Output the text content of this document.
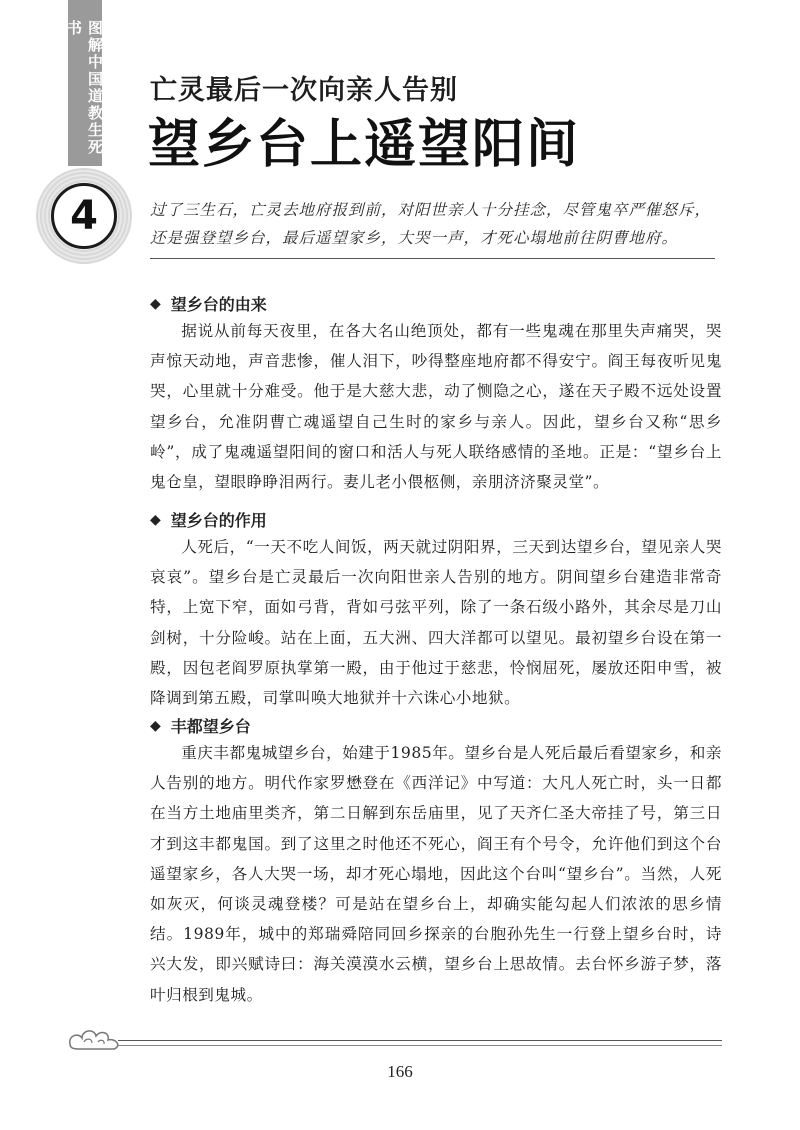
图解中国道教生死书
4
亡灵最后一次向亲人告别
望乡台上遥望阳间
过了三生石，亡灵去地府报到前，对阳世亲人十分挂念，尽管鬼卒严催怒斥，还是强登望乡台，最后遥望家乡，大哭一声，才死心塌地前往阴曹地府。
◆ 望乡台的由来
据说从前每天夜里，在各大名山绝顶处，都有一些鬼魂在那里失声痛哭，哭声惊天动地，声音悲惨，催人泪下，吵得整座地府都不得安宁。阎王每夜听见鬼哭，心里就十分难受。他于是大慈大悲，动了恻隐之心，遂在天子殿不远处设置望乡台，允准阴曹亡魂遥望自己生时的家乡与亲人。因此，望乡台又称“思乡岭”，成了鬼魂遥望阳间的窗口和活人与死人联络感情的圣地。正是：“望乡台上鬼仓皇，望眼睁睁泪两行。妻儿老小偎柩侧，亲朋济济聚灵堂”。
◆ 望乡台的作用
人死后，“一天不吃人间饭，两天就过阴阳界，三天到达望乡台，望见亲人哭哀哀”。望乡台是亡灵最后一次向阳世亲人告别的地方。阴间望乡台建造非常奇特，上宽下窄，面如弓背，背如弓弦平列，除了一条石级小路外，其余尽是刀山剑树，十分险峻。站在上面，五大洲、四大洋都可以望见。最初望乡台设在第一殿，因包老阎罗原执掌第一殿，由于他过于慈悲，怜悯屈死，屡放还阳申雪，被降调到第五殿，司掌叫唤大地狱并十六诛心小地狱。
◆ 丰都望乡台
重庆丰都鬼城望乡台，始建于1985年。望乡台是人死后最后看望家乡，和亲人告别的地方。明代作家罗懋登在《西洋记》中写道：大凡人死亡时，头一日都在当方土地庙里类齐，第二日解到东岳庙里，见了天齐仁圣大帝挂了号，第三日才到这丰都鬼国。到了这里之时他还不死心，阎王有个号令，允许他们到这个台遥望家乡，各人大哭一场，却才死心塌地，因此这个台叫“望乡台”。当然，人死如灰灭，何谈灵魂登楼？可是站在望乡台上，却确实能勾起人们浓浓的思乡情结。1989年，城中的郑瑞舜陪同回乡探亲的台胞孙先生一行登上望乡台时，诗兴大发，即兴赋诗曰：海关漠漠水云横，望乡台上思故情。去台怀乡游子梦，落叶归根到鬼城。
166
